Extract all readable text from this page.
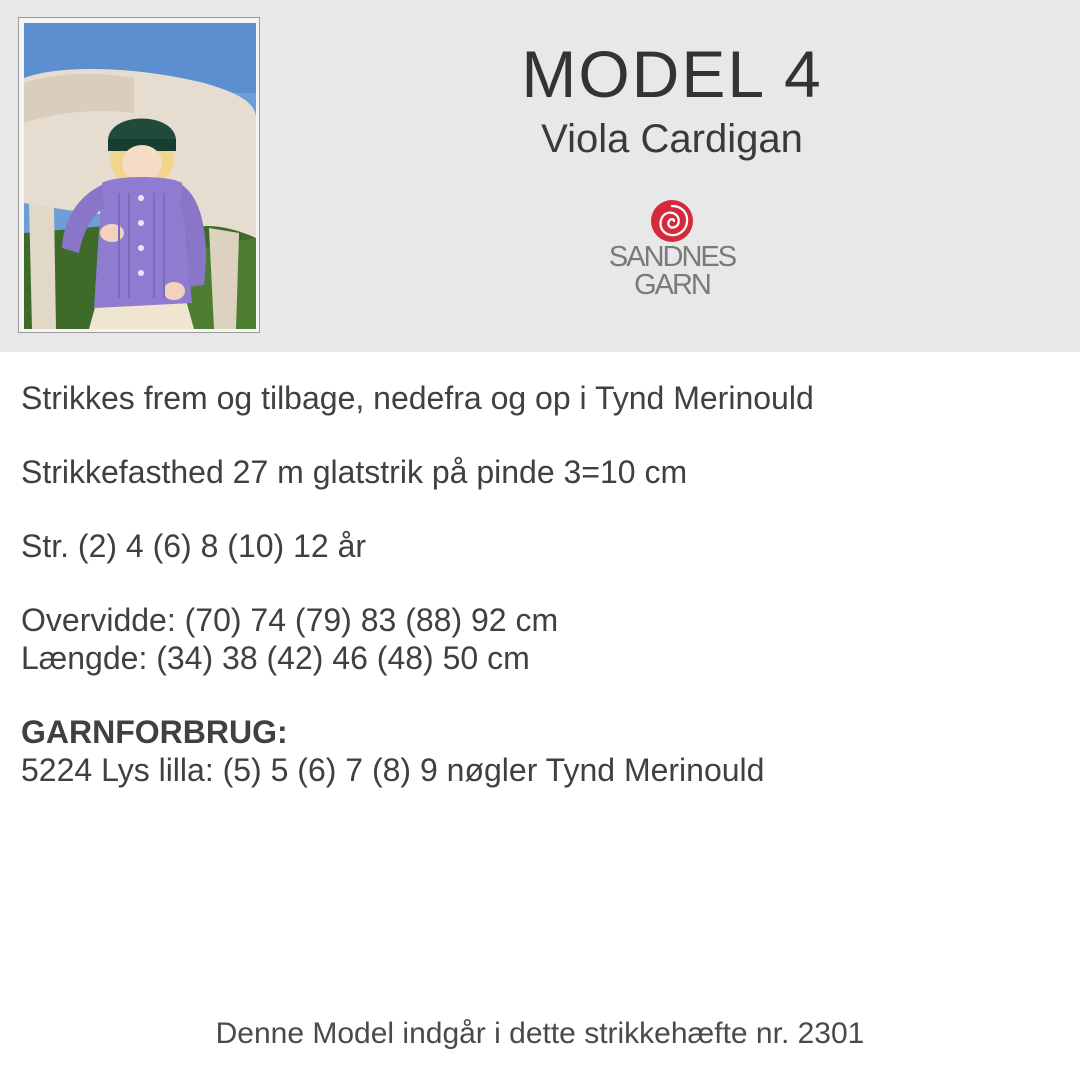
MODEL 4
Viola Cardigan
SANDNES
GARN
Strikkes frem og tilbage, nedefra og op i Tynd Merinould
Strikkefasthed 27 m glatstrik på pinde 3=10 cm
Str. (2) 4 (6) 8 (10) 12 år
Overvidde: (70) 74 (79) 83 (88) 92 cm
Længde: (34) 38 (42) 46 (48) 50 cm
GARNFORBRUG:
5224 Lys lilla: (5) 5 (6) 7 (8) 9 nøgler Tynd Merinould
Denne Model indgår i dette strikkehæfte nr. 2301
